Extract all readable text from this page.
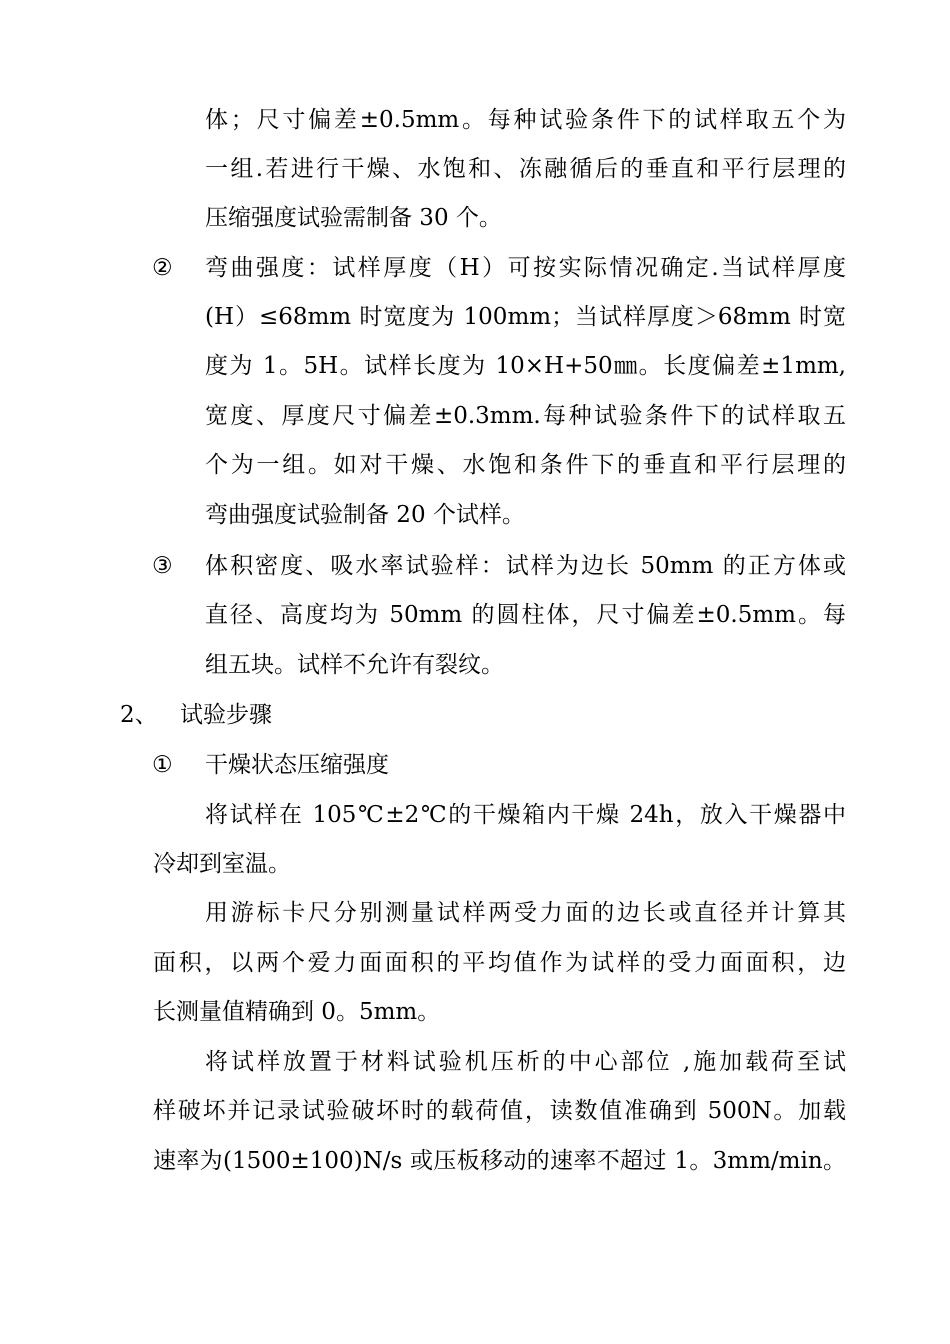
体；尺寸偏差±0.5mm。每种试验条件下的试样取五个为
一组.若进行干燥、水饱和、冻融循后的垂直和平行层理的
压缩强度试验需制备 30 个。
② 弯曲强度：试样厚度（H）可按实际情况确定.当试样厚度
(H）≤68mm 时宽度为 100mm；当试样厚度＞68mm 时宽
度为 1。5H。试样长度为 10×H+50㎜。长度偏差±1mm,
宽度、厚度尺寸偏差±0.3mm.每种试验条件下的试样取五
个为一组。如对干燥、水饱和条件下的垂直和平行层理的
弯曲强度试验制备 20 个试样。
③ 体积密度、吸水率试验样：试样为边长 50mm 的正方体或
直径、高度均为 50mm 的圆柱体，尺寸偏差±0.5mm。每
组五块。试样不允许有裂纹。
2、 试验步骤
① 干燥状态压缩强度
将试样在 105℃±2℃的干燥箱内干燥 24h，放入干燥器中
冷却到室温。
用游标卡尺分别测量试样两受力面的边长或直径并计算其
面积，以两个爱力面面积的平均值作为试样的受力面面积，边
长测量值精确到 0。5mm。
将试样放置于材料试验机压析的中心部位 ,施加载荷至试
样破坏并记录试验破坏时的载荷值，读数值准确到 500N。加载
速率为(1500±100)N/s 或压板移动的速率不超过 1。3mm/min。
